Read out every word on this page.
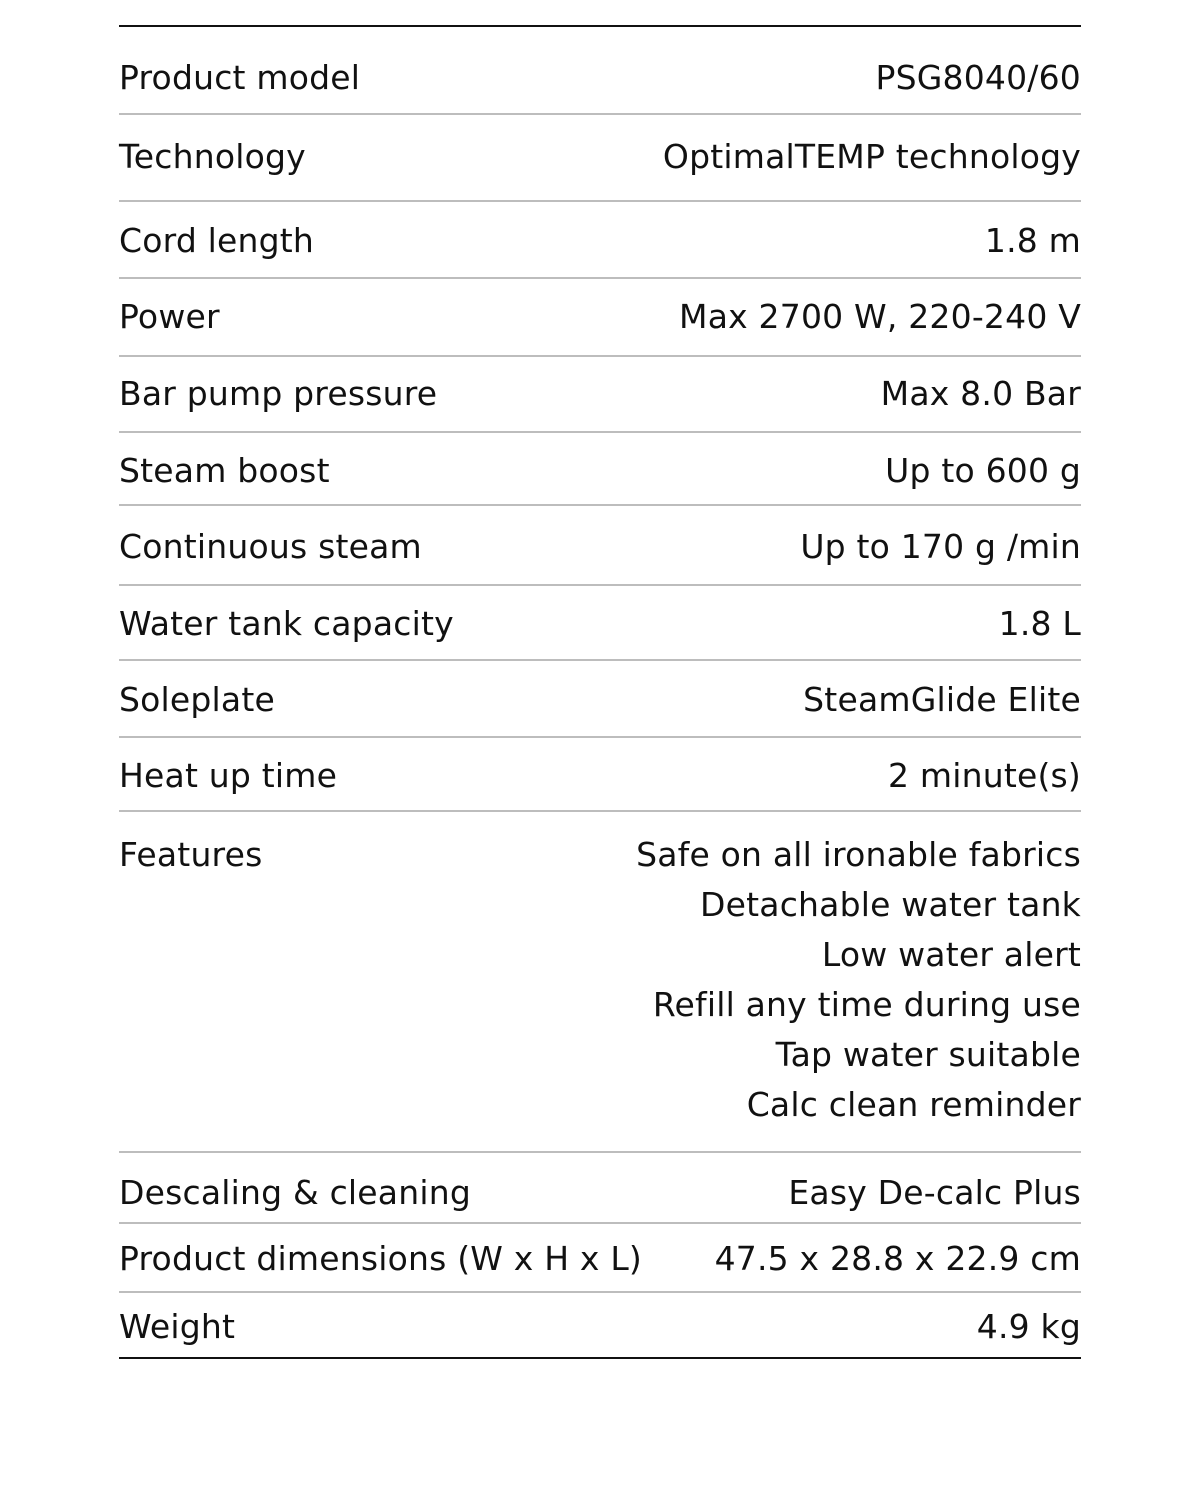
Product model	PSG8040/60
Technology	OptimalTEMP technology
Cord length	1.8 m
Power	Max 2700 W, 220-240 V
Bar pump pressure	Max 8.0 Bar
Steam boost	Up to 600 g
Continuous steam	Up to 170 g /min
Water tank capacity	1.8 L
Soleplate	SteamGlide Elite
Heat up time	2 minute(s)
Features	Safe on all ironable fabrics
Detachable water tank
Low water alert
Refill any time during use
Tap water suitable
Calc clean reminder
Descaling & cleaning	Easy De-calc Plus
Product dimensions (W x H x L) 47.5 x 28.8 x 22.9 cm
Weight	4.9 kg
